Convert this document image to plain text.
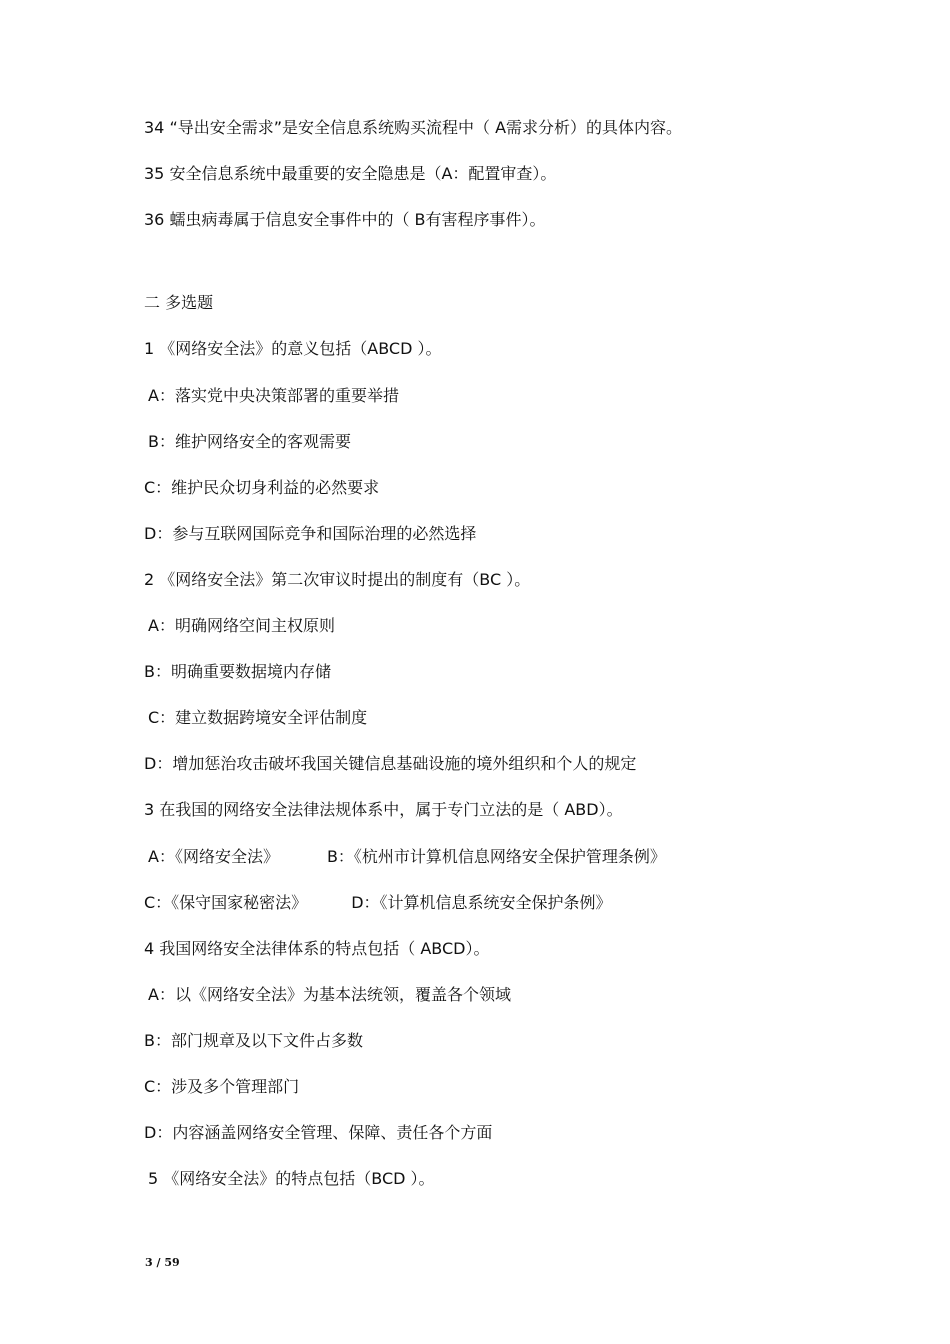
34 “导出安全需求”是安全信息系统购买流程中（ A需求分析）的具体内容。
35 安全信息系统中最重要的安全隐患是（A：配置审查）。
36 蠕虫病毒属于信息安全事件中的（ B有害程序事件）。
二 多选题
1 《网络安全法》的意义包括（ABCD ）。
A：落实党中央决策部署的重要举措
B：维护网络安全的客观需要
C：维护民众切身利益的必然要求
D：参与互联网国际竞争和国际治理的必然选择
2 《网络安全法》第二次审议时提出的制度有（BC ）。
A：明确网络空间主权原则
B：明确重要数据境内存储
C：建立数据跨境安全评估制度
D：增加惩治攻击破坏我国关键信息基础设施的境外组织和个人的规定
3 在我国的网络安全法律法规体系中，属于专门立法的是（ ABD）。
A：《网络安全法》	B：《杭州市计算机信息网络安全保护管理条例》
C：《保守国家秘密法》	D：《计算机信息系统安全保护条例》
4 我国网络安全法律体系的特点包括（ ABCD）。
A：以《网络安全法》为基本法统领，覆盖各个领域
B：部门规章及以下文件占多数
C：涉及多个管理部门
D：内容涵盖网络安全管理、保障、责任各个方面
5 《网络安全法》的特点包括（BCD ）。
3 / 59
